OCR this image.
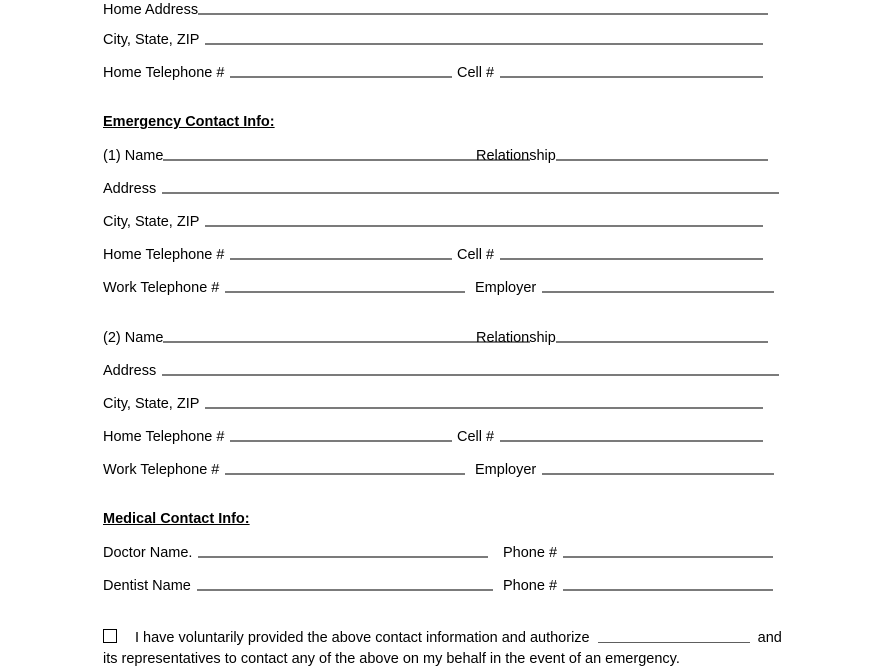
Home Address
City, State, ZIP
Home Telephone #	Cell #
Emergency Contact Info:
(1) Name	Relationship
Address
City, State, ZIP
Home Telephone #	Cell #
Work Telephone #	Employer
(2) Name	Relationship
Address
City, State, ZIP
Home Telephone #	Cell #
Work Telephone #	Employer
Medical Contact Info:
Doctor Name.	Phone #
Dentist Name	Phone #
I have voluntarily provided the above contact information and authorize	and
its representatives to contact any of the above on my behalf in the event of an emergency.
